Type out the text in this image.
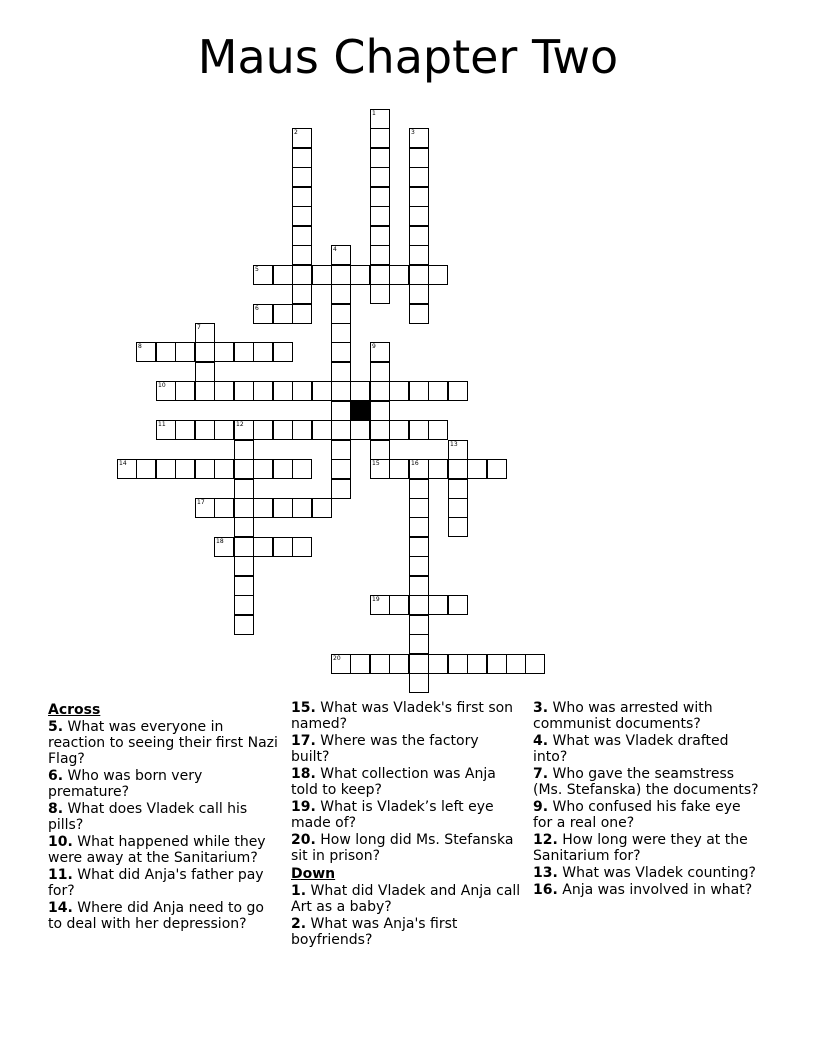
Maus Chapter Two
1
2	3
4
5
6
7
8	9
10
11	12
13
14	15	16
17
18
19
20
Across
5. What was everyone in reaction to seeing their first Nazi Flag?
6. Who was born very premature?
8. What does Vladek call his pills?
10. What happened while they were away at the Sanitarium?
11. What did Anja's father pay for?
14. Where did Anja need to go to deal with her depression?
15. What was Vladek's first son named?
17. Where was the factory built?
18. What collection was Anja told to keep?
19. What is Vladek’s left eye made of?
20. How long did Ms. Stefanska sit in prison?
Down
1. What did Vladek and Anja call Art as a baby?
2. What was Anja's first boyfriends?
3. Who was arrested with communist documents?
4. What was Vladek drafted into?
7. Who gave the seamstress (Ms. Stefanska) the documents?
9. Who confused his fake eye for a real one?
12. How long were they at the Sanitarium for?
13. What was Vladek counting?
16. Anja was involved in what?
